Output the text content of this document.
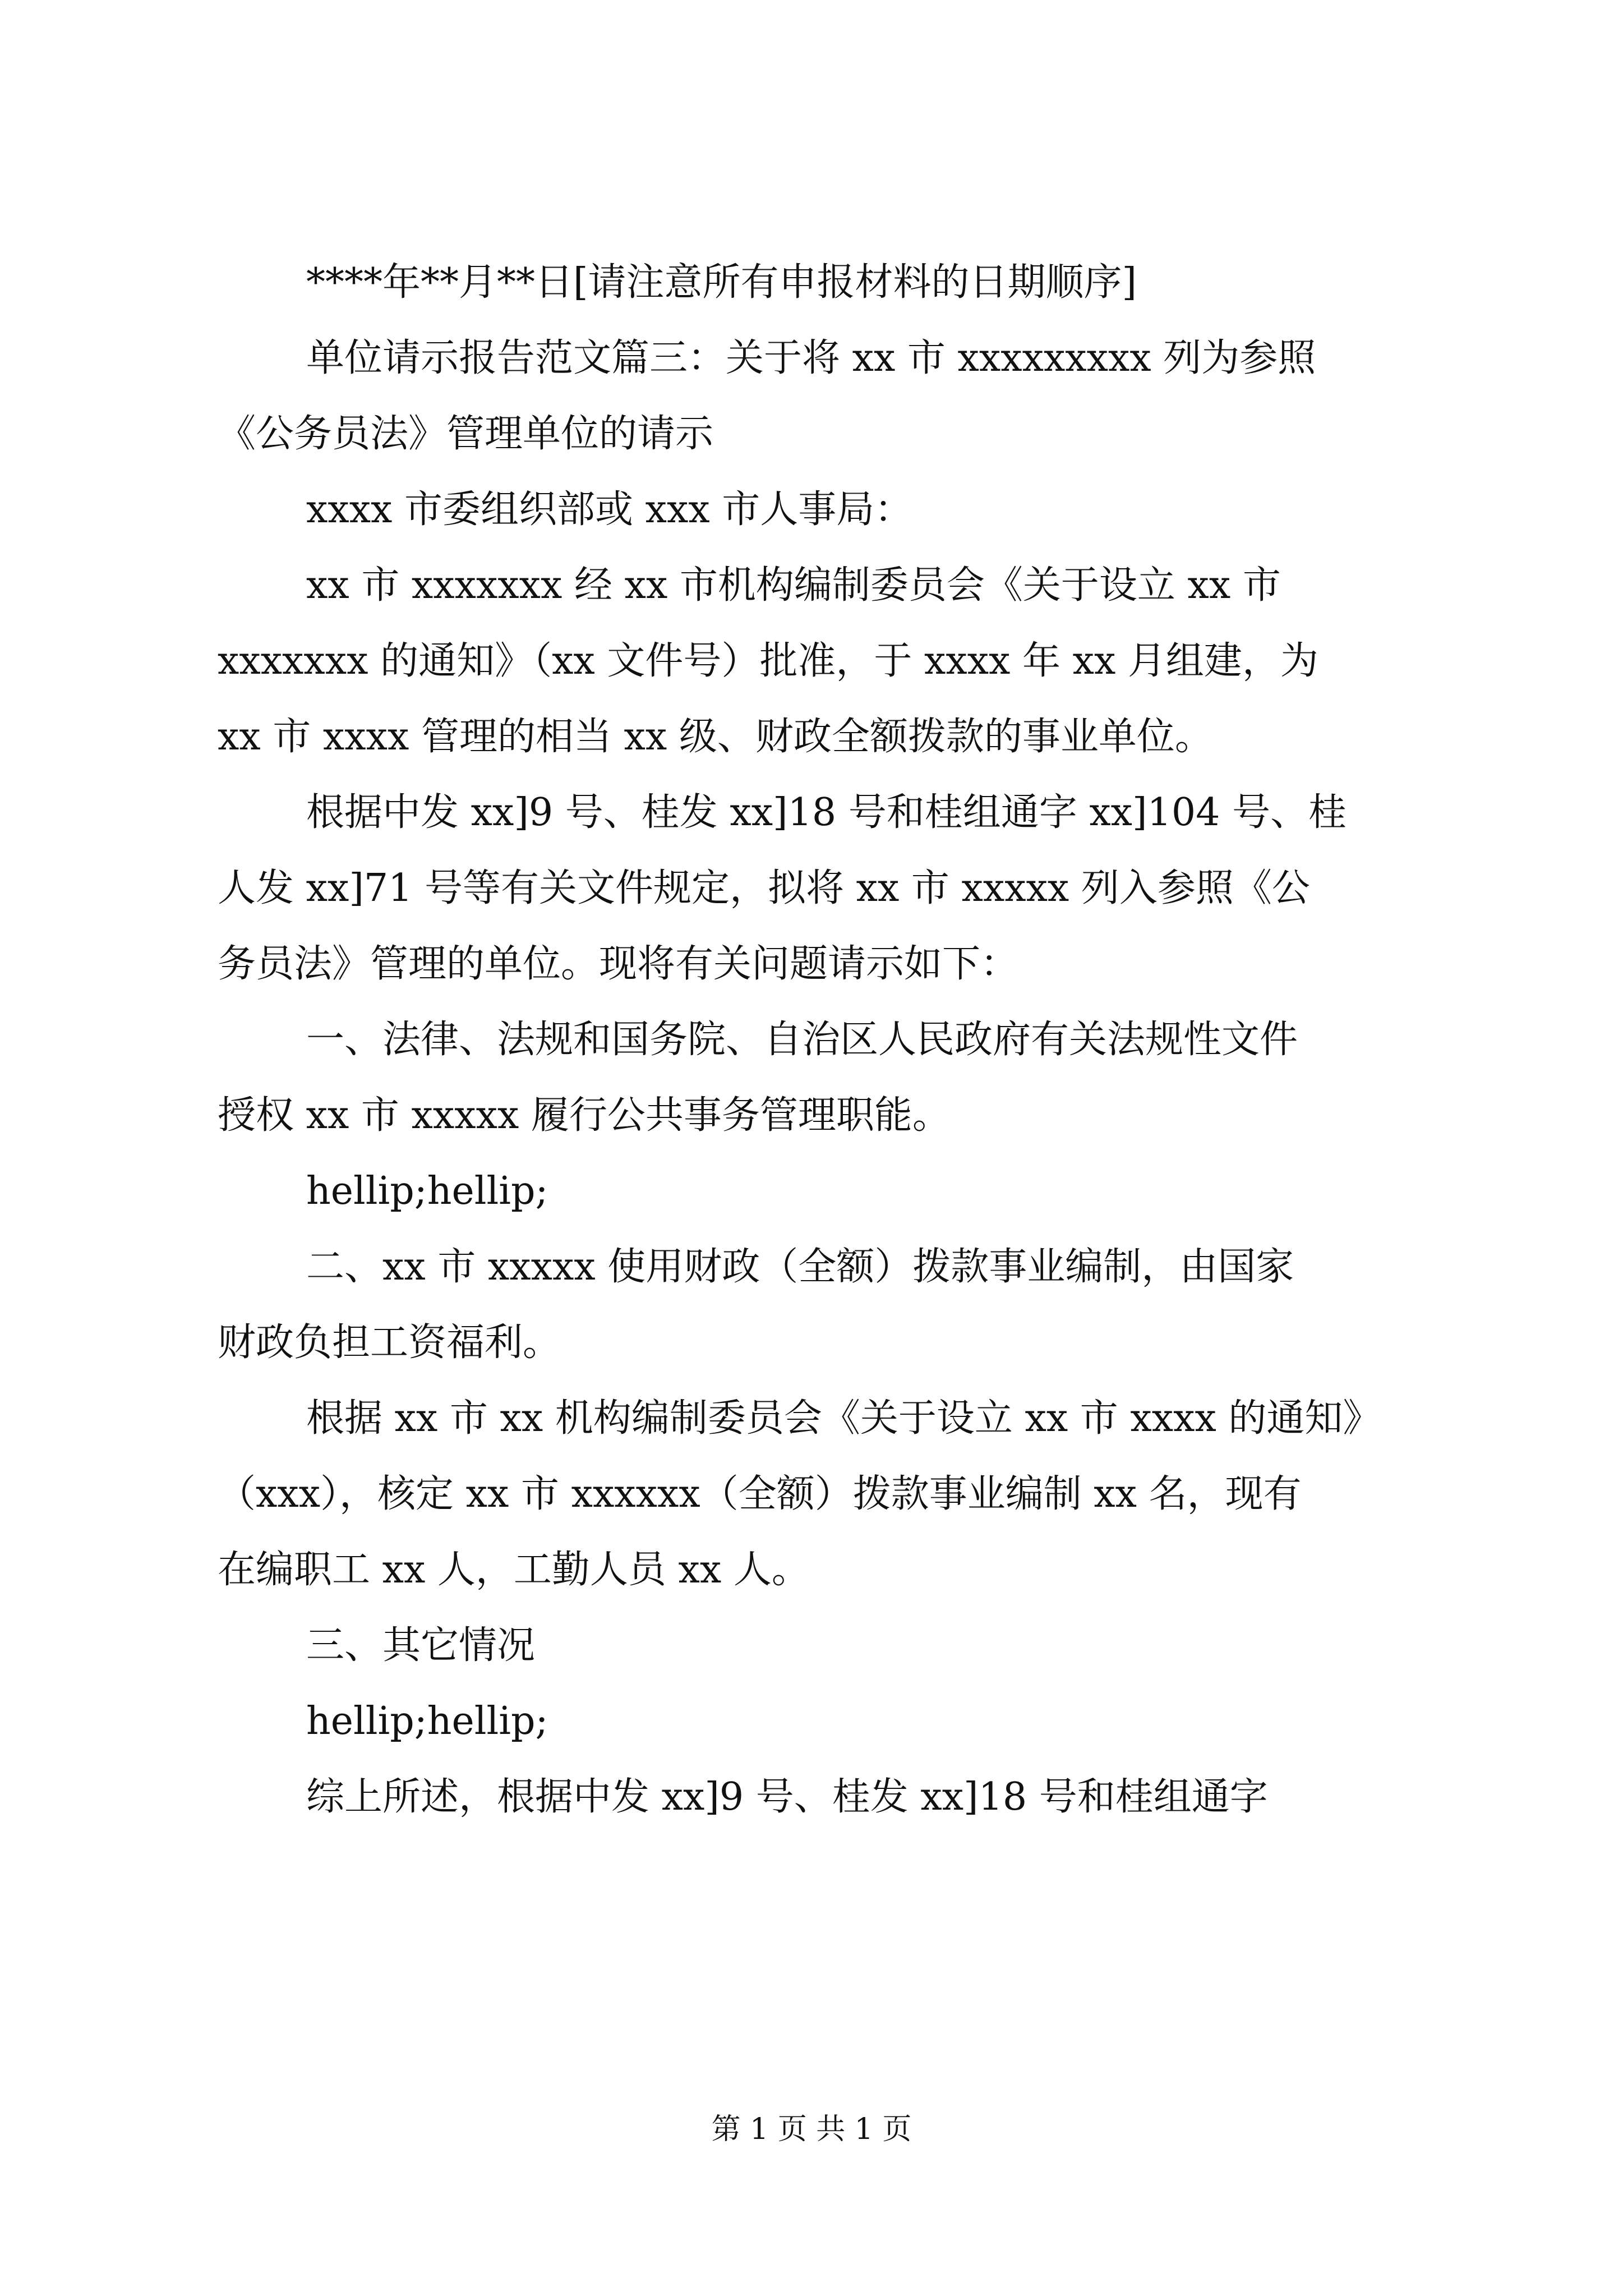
****年**月**日[请注意所有申报材料的日期顺序]
单位请示报告范文篇三：关于将 xx 市 xxxxxxxxx 列为参照
《公务员法》管理单位的请示
xxxx 市委组织部或 xxx 市人事局：
xx 市 xxxxxxx 经 xx 市机构编制委员会《关于设立 xx 市
xxxxxxx 的通知》（xx 文件号）批准，于 xxxx 年 xx 月组建，为
xx 市 xxxx 管理的相当 xx 级、财政全额拨款的事业单位。
根据中发 xx]9 号、桂发 xx]18 号和桂组通字 xx]104 号、桂
人发 xx]71 号等有关文件规定，拟将 xx 市 xxxxx 列入参照《公
务员法》管理的单位。现将有关问题请示如下：
一、法律、法规和国务院、自治区人民政府有关法规性文件
授权 xx 市 xxxxx 履行公共事务管理职能。
hellip;hellip;
二、xx 市 xxxxx 使用财政（全额）拨款事业编制，由国家
财政负担工资福利。
根据 xx 市 xx 机构编制委员会《关于设立 xx 市 xxxx 的通知》
（xxx），核定 xx 市 xxxxxx（全额）拨款事业编制 xx 名，现有
在编职工 xx 人，工勤人员 xx 人。
三、其它情况
hellip;hellip;
综上所述，根据中发 xx]9 号、桂发 xx]18 号和桂组通字
第 1 页 共 1 页
